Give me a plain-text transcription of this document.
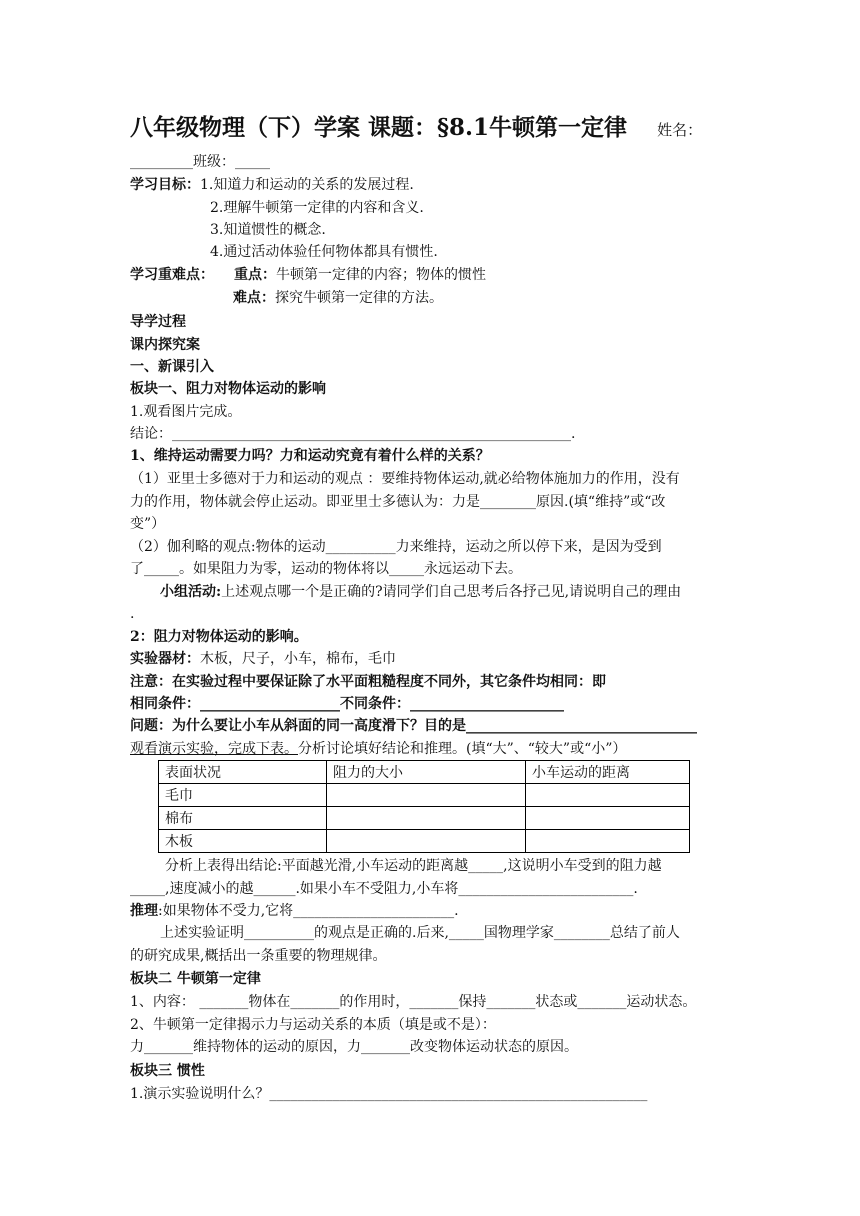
八年级物理（下）学案 课题：§8.1牛顿第一定律 姓名：
_________班级：_____
学习目标：1.知道力和运动的关系的发展过程.
2.理解牛顿第一定律的内容和含义.
3.知道惯性的概念.
4.通过活动体验任何物体都具有惯性.
学习重难点： 重点：牛顿第一定律的内容；物体的惯性
难点：探究牛顿第一定律的方法。
导学过程
课内探究案
一、新课引入
板块一、阻力对物体运动的影响
1.观看图片完成。
结论：_________________________________________________________.
1、维持运动需要力吗？力和运动究竟有着什么样的关系？
（1）亚里士多德对于力和运动的观点 ：要维持物体运动,就必给物体施加力的作用，没有
力的作用，物体就会停止运动。即亚里士多德认为：力是________原因.(填“维持”或“改
变”）
（2）伽利略的观点:物体的运动__________力来维持，运动之所以停下来，是因为受到
了_____。如果阻力为零，运动的物体将以_____永远运动下去。
小组活动:上述观点哪一个是正确的?请同学们自己思考后各抒己见,请说明自己的理由
.
2：阻力对物体运动的影响。
实验器材：木板，尺子，小车，棉布，毛巾
注意：在实验过程中要保证除了水平面粗糙程度不同外，其它条件均相同：即
相同条件：____________________不同条件：______________________
问题：为什么要让小车从斜面的同一高度滑下？目的是_________________________________
观看演示实验，完成下表。分析讨论填好结论和推理。(填“大”、“较大”或“小”）
表面状况	阻力的大小	小车运动的距离
毛巾		
棉布		
木板		
分析上表得出结论:平面越光滑,小车运动的距离越_____,这说明小车受到的阻力越
_____,速度减小的越______.如果小车不受阻力,小车将_________________________.
推理:如果物体不受力,它将_______________________.
上述实验证明__________的观点是正确的.后来,_____国物理学家________总结了前人
的研究成果,概括出一条重要的物理规律。
板块二 牛顿第一定律
1、内容： _______物体在_______的作用时，_______保持_______状态或_______运动状态。
2、牛顿第一定律揭示力与运动关系的本质（填是或不是）：
力_______维持物体的运动的原因，力_______改变物体运动状态的原因。
板块三 惯性
1.演示实验说明什么？______________________________________________________
